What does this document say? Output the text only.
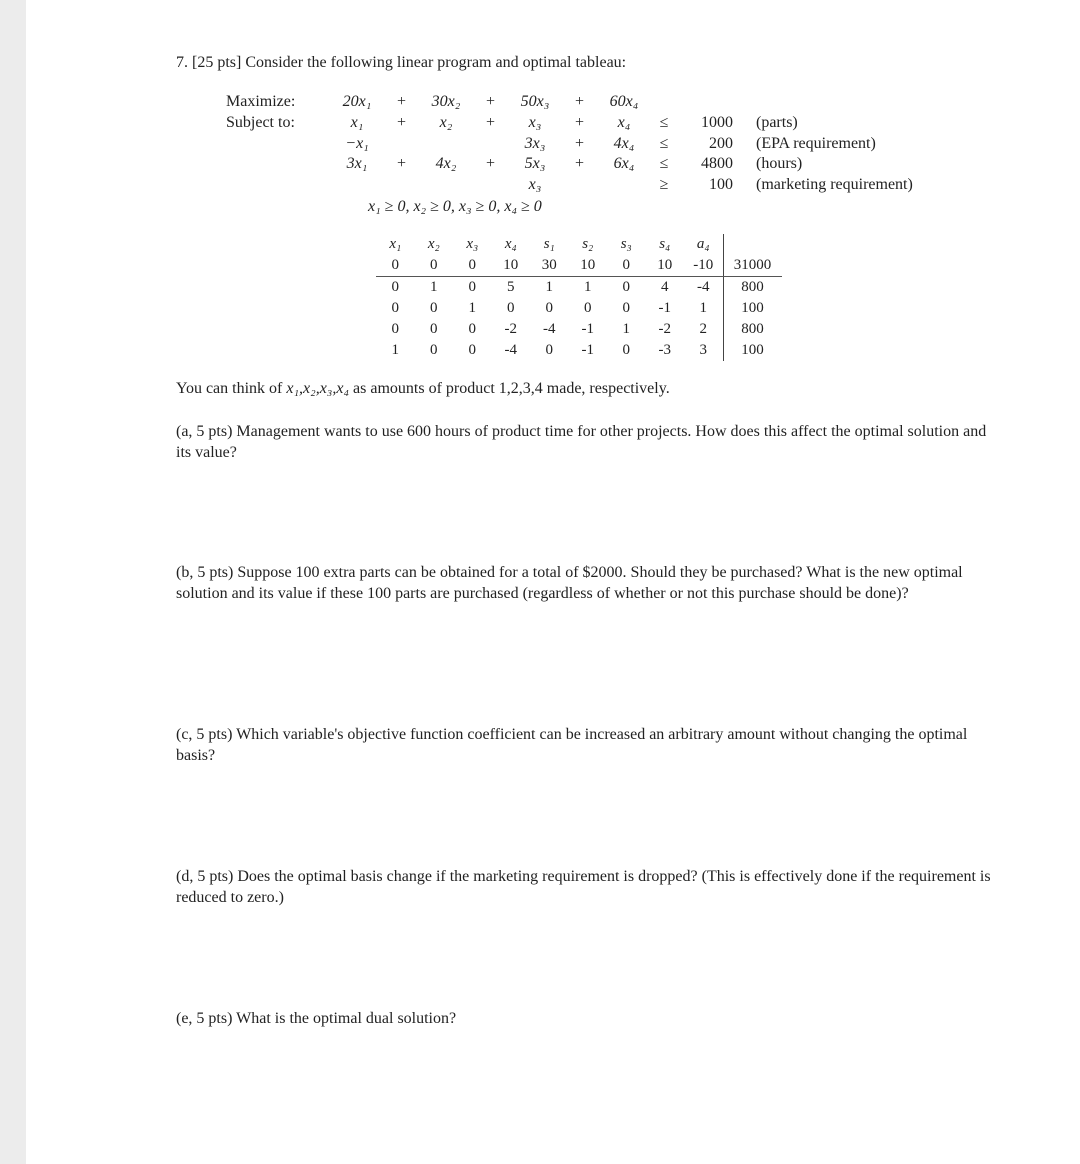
7. [25 pts] Consider the following linear program and optimal tableau:
Maximize:	20x₁	+	30x₂	+	50x₃	+	60x₄			
Subject to:	x₁	+	x₂	+	x₃	+	x₄	≤	1000	(parts)
	−x₁				3x₃	+	4x₄	≤	200	(EPA requirement)
	3x₁	+	4x₂	+	5x₃	+	6x₄	≤	4800	(hours)
					x₃			≥	100	(marketing requirement)
x₁ ≥ 0, x₂ ≥ 0, x₃ ≥ 0, x₄ ≥ 0
x₁	x₂	x₃	x₄	s₁	s₂	s₃	s₄	a₄	
0	0	0	10	30	10	0	10	-10	31000
0	1	0	5	1	1	0	4	-4	800
0	0	1	0	0	0	0	-1	1	100
0	0	0	-2	-4	-1	1	-2	2	800
1	0	0	-4	0	-1	0	-3	3	100
You can think of x₁,x₂,x₃,x₄ as amounts of product 1,2,3,4 made, respectively.
(a, 5 pts) Management wants to use 600 hours of product time for other projects. How does this affect the optimal solution and its value?
(b, 5 pts) Suppose 100 extra parts can be obtained for a total of $2000. Should they be purchased? What is the new optimal solution and its value if these 100 parts are purchased (regardless of whether or not this purchase should be done)?
(c, 5 pts) Which variable's objective function coefficient can be increased an arbitrary amount without changing the optimal basis?
(d, 5 pts) Does the optimal basis change if the marketing requirement is dropped? (This is effectively done if the requirement is reduced to zero.)
(e, 5 pts) What is the optimal dual solution?
